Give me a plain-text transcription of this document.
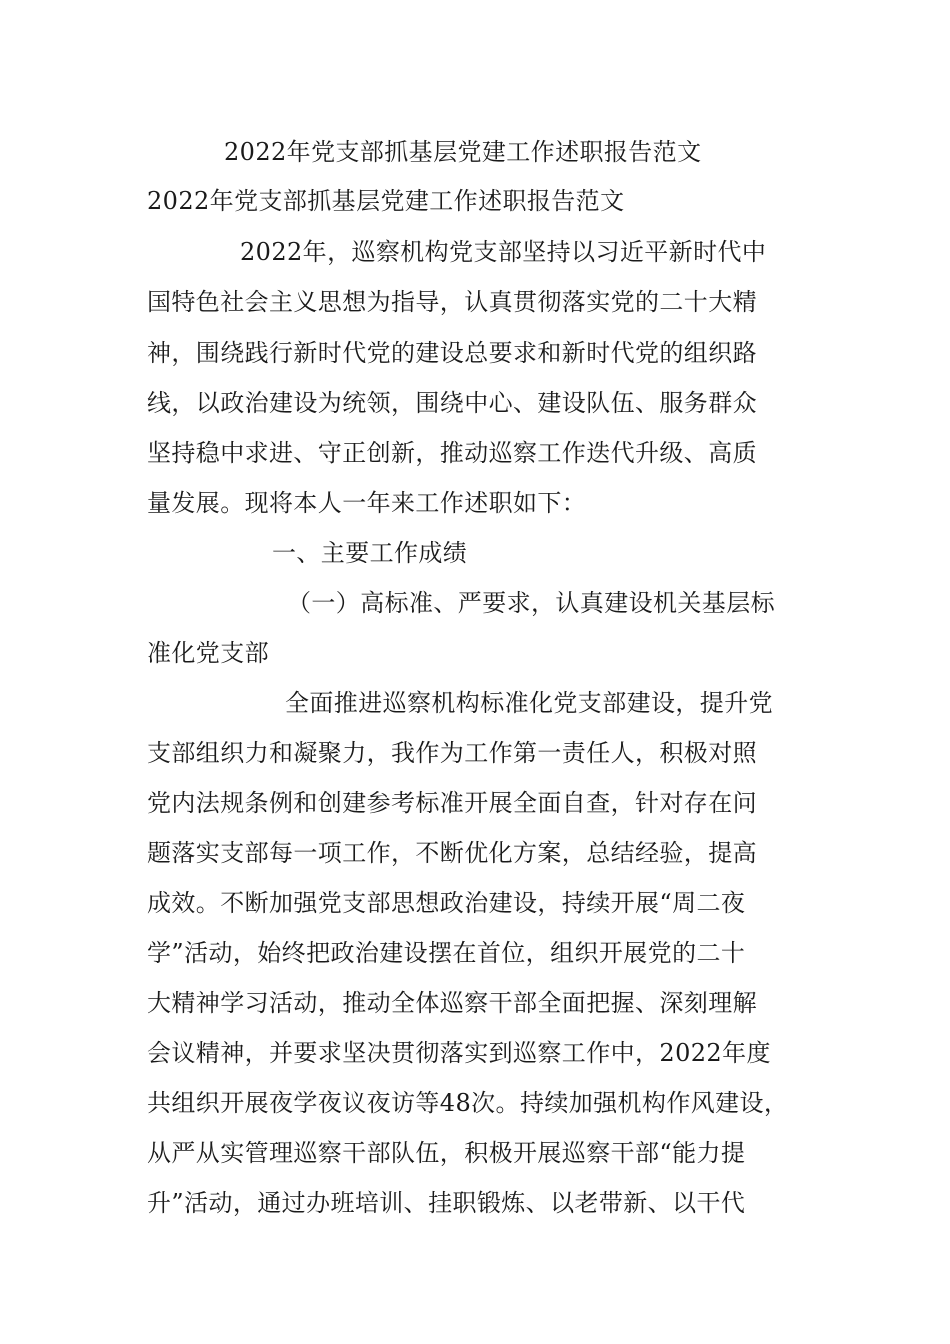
2022年党支部抓基层党建工作述职报告范文
2022年党支部抓基层党建工作述职报告范文
2022年，巡察机构党支部坚持以习近平新时代中
国特色社会主义思想为指导，认真贯彻落实党的二十大精
神，围绕践行新时代党的建设总要求和新时代党的组织路
线，以政治建设为统领，围绕中心、建设队伍、服务群众
坚持稳中求进、守正创新，推动巡察工作迭代升级、高质
量发展。现将本人一年来工作述职如下：
一、主要工作成绩
（一）高标准、严要求，认真建设机关基层标
准化党支部
全面推进巡察机构标准化党支部建设，提升党
支部组织力和凝聚力，我作为工作第一责任人，积极对照
党内法规条例和创建参考标准开展全面自查，针对存在问
题落实支部每一项工作，不断优化方案，总结经验，提高
成效。不断加强党支部思想政治建设，持续开展“周二夜
学”活动，始终把政治建设摆在首位，组织开展党的二十
大精神学习活动，推动全体巡察干部全面把握、深刻理解
会议精神，并要求坚决贯彻落实到巡察工作中，2022年度
共组织开展夜学夜议夜访等48次。持续加强机构作风建设，
从严从实管理巡察干部队伍，积极开展巡察干部“能力提
升”活动，通过办班培训、挂职锻炼、以老带新、以干代
